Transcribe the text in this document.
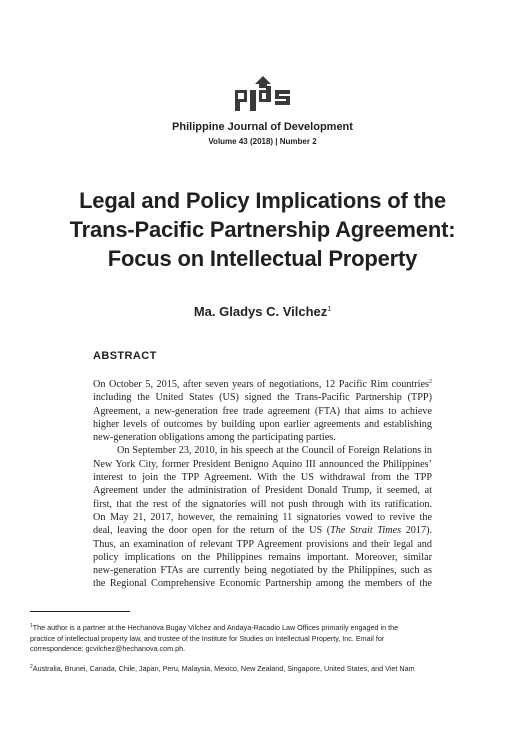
Philippine Journal of Development
Volume 43 (2018) | Number 2
Legal and Policy Implications of the
Trans-Pacific Partnership Agreement:
Focus on Intellectual Property
Ma. Gladys C. Vilchez$^1$
ABSTRACT
On October 5, 2015, after seven years of negotiations, 12 Pacific Rim countries$^2$
including the United States (US) signed the Trans-Pacific Partnership (TPP)
Agreement, a new-generation free trade agreement (FTA) that aims to achieve
higher levels of outcomes by building upon earlier agreements and establishing
new-generation obligations among the participating parties.
On September 23, 2010, in his speech at the Council of Foreign Relations in
New York City, former President Benigno Aquino III announced the Philippines’
interest to join the TPP Agreement. With the US withdrawal from the TPP
Agreement under the administration of President Donald Trump, it seemed, at
first, that the rest of the signatories will not push through with its ratification.
On May 21, 2017, however, the remaining 11 signatories vowed to revive the
deal, leaving the door open for the return of the US (The Strait Times 2017).
Thus, an examination of relevant TPP Agreement provisions and their legal and
policy implications on the Philippines remains important. Moreover, similar
new-generation FTAs are currently being negotiated by the Philippines, such as
the Regional Comprehensive Economic Partnership among the members of the
$^1$The author is a partner at the Hechanova Bugay Vilchez and Andaya-Racadio Law Offices primarily engaged in the
practice of intellectual property law, and trustee of the Institute for Studies on Intellectual Property, Inc. Email for
correspondence: gcvilchez@hechanova.com.ph.
$^2$Australia, Brunei, Canada, Chile, Japan, Peru, Malaysia, Mexico, New Zealand, Singapore, United States, and Viet Nam
